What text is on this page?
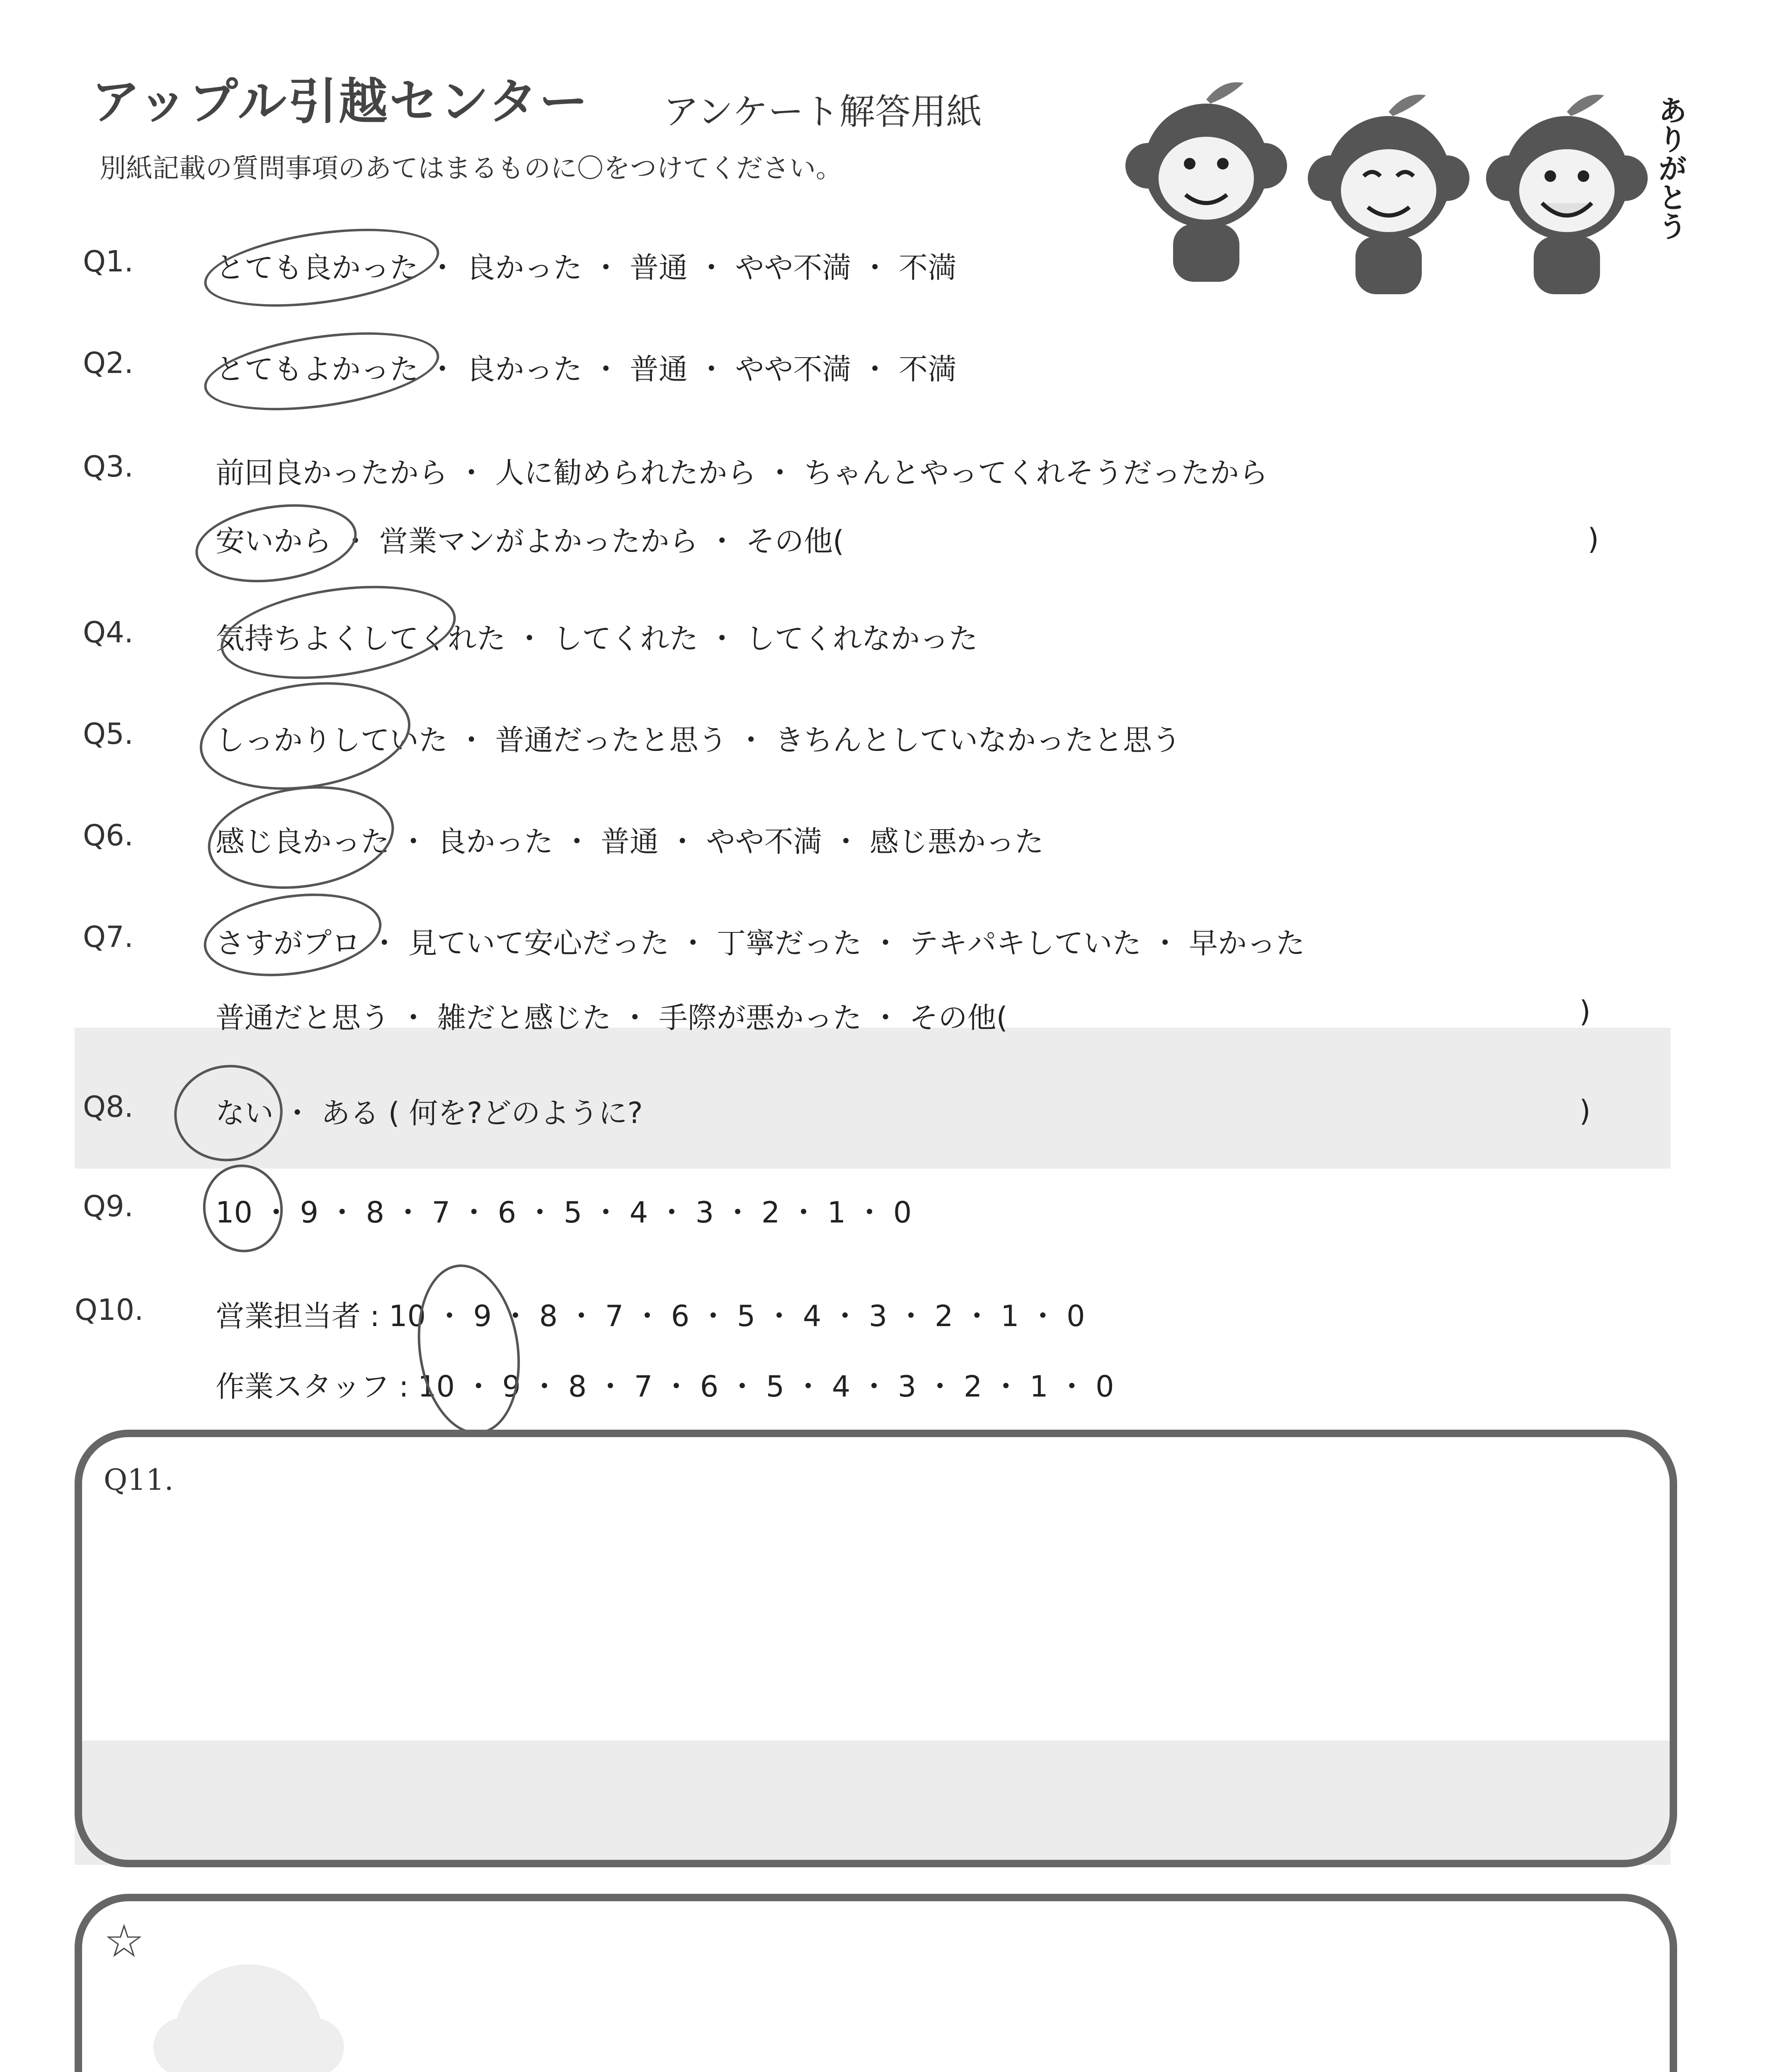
アップル引越センター アンケート解答用紙
別紙記載の質問事項のあてはまるものに〇をつけてください。	ありがとう
Q1.	とても良かった ・ 良かった ・ 普通 ・ やや不満 ・ 不満
Q2.	とてもよかった ・ 良かった ・ 普通 ・ やや不満 ・ 不満
Q3.	前回良かったから ・ 人に勧められたから ・ ちゃんとやってくれそうだったから
安いから ・ 営業マンがよかったから ・ その他(	)
Q4.	気持ちよくしてくれた ・ してくれた ・ してくれなかった
Q5.	しっかりしていた ・ 普通だったと思う ・ きちんとしていなかったと思う
Q6.	感じ良かった ・ 良かった ・ 普通 ・ やや不満 ・ 感じ悪かった
Q7.	さすがプロ ・ 見ていて安心だった ・ 丁寧だった ・ テキパキしていた ・ 早かった
普通だと思う ・ 雑だと感じた ・ 手際が悪かった ・ その他(	)
Q8.	ない ・ ある ( 何を?どのように?	)
Q9.	10 ・ 9 ・ 8 ・ 7 ・ 6 ・ 5 ・ 4 ・ 3 ・ 2 ・ 1 ・ 0
Q10. 営業担当者 : 10 ・ 9 ・ 8 ・ 7 ・ 6 ・ 5 ・ 4 ・ 3 ・ 2 ・ 1 ・ 0
作業スタッフ : 10 ・ 9 ・ 8 ・ 7 ・ 6 ・ 5 ・ 4 ・ 3 ・ 2 ・ 1 ・ 0
Q11.
☆
